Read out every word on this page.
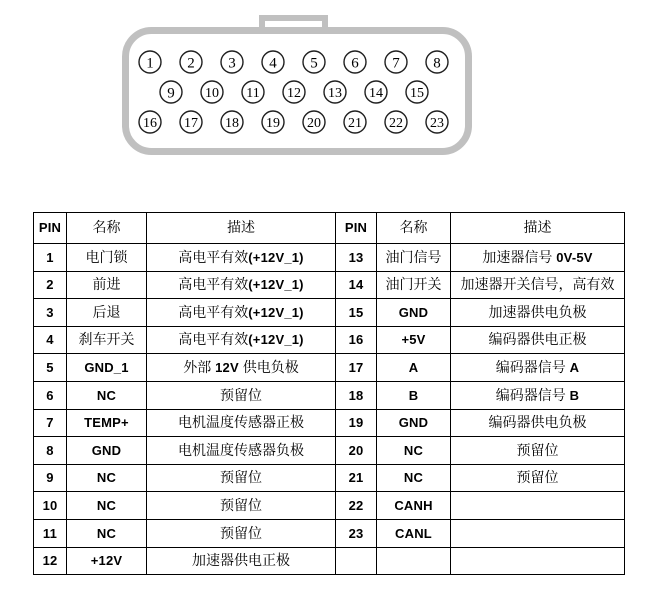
1 2 3 4 5 6 7 8
9 10 11 12 13 14 15
16 17 18 19 20 21 22 23
PIN	名称	描述	PIN	名称	描述
1	电门锁	高电平有效(+12V_1)	13	油门信号	加速器信号 0V-5V
2	前进	高电平有效(+12V_1)	14	油门开关	加速器开关信号，高有效
3	后退	高电平有效(+12V_1)	15	GND	加速器供电负极
4	刹车开关	高电平有效(+12V_1)	16	+5V	编码器供电正极
5	GND_1	外部 12V 供电负极	17	A	编码器信号 A
6	NC	预留位	18	B	编码器信号 B
7	TEMP+	电机温度传感器正极	19	GND	编码器供电负极
8	GND	电机温度传感器负极	20	NC	预留位
9	NC	预留位	21	NC	预留位
10	NC	预留位	22	CANH	
11	NC	预留位	23	CANL	
12	+12V	加速器供电正极			
